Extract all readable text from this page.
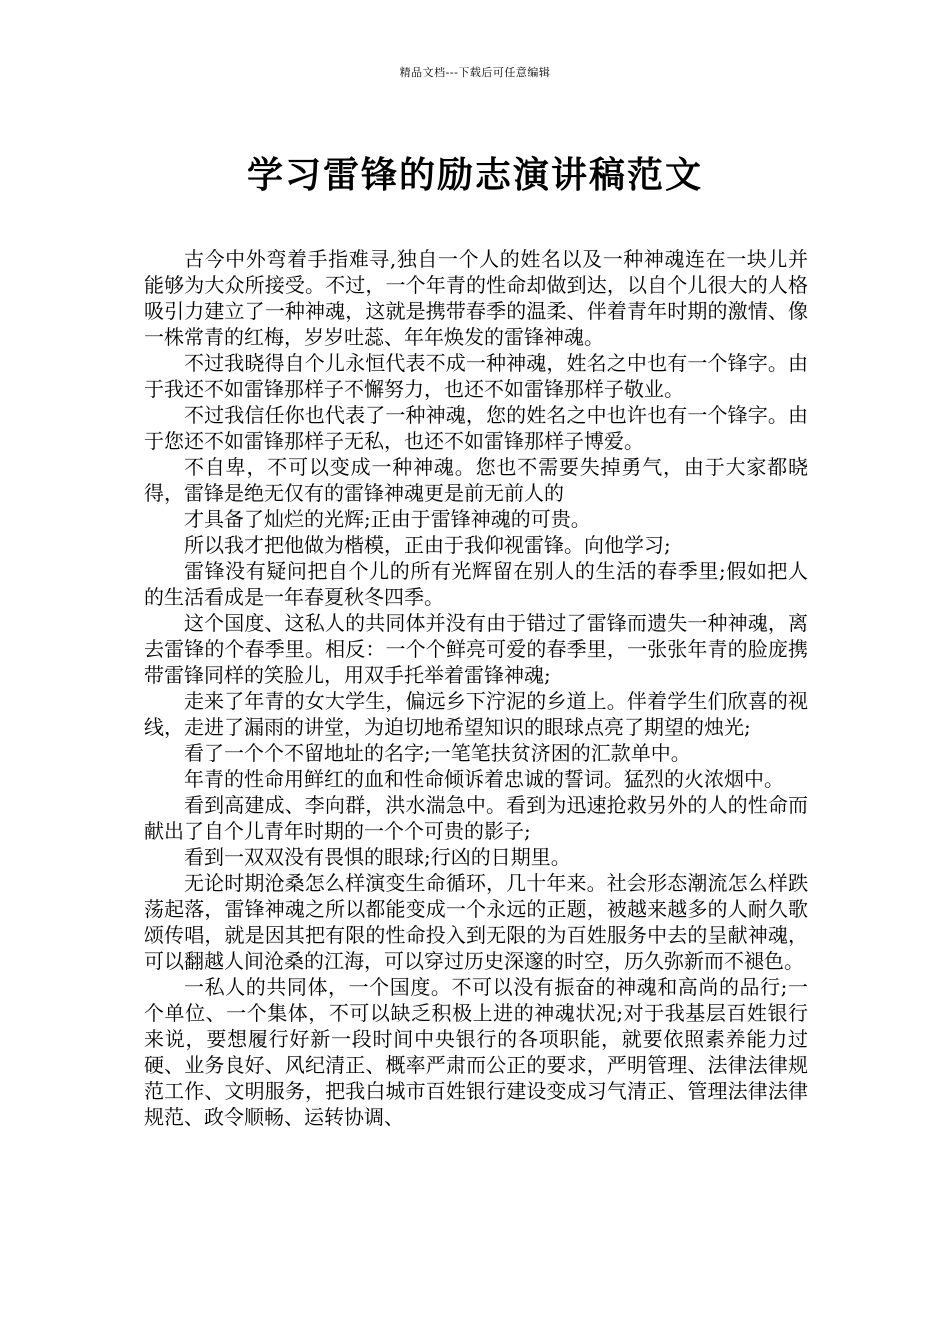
精品文档---下载后可任意编辑
学习雷锋的励志演讲稿范文

古今中外弯着手指难寻,独自一个人的姓名以及一种神魂连在一块儿并能够为大众所接受。不过，一个年青的性命却做到达，以自个儿很大的人格吸引力建立了一种神魂，这就是携带春季的温柔、伴着青年时期的激情、像一株常青的红梅，岁岁吐蕊、年年焕发的雷锋神魂。

不过我晓得自个儿永恒代表不成一种神魂，姓名之中也有一个锋字。由于我还不如雷锋那样子不懈努力，也还不如雷锋那样子敬业。

不过我信任你也代表了一种神魂，您的姓名之中也许也有一个锋字。由于您还不如雷锋那样子无私，也还不如雷锋那样子博爱。

不自卑，不可以变成一种神魂。您也不需要失掉勇气，由于大家都晓得，雷锋是绝无仅有的雷锋神魂更是前无前人的

才具备了灿烂的光辉;正由于雷锋神魂的可贵。

所以我才把他做为楷模，正由于我仰视雷锋。向他学习;

雷锋没有疑问把自个儿的所有光辉留在别人的生活的春季里;假如把人的生活看成是一年春夏秋冬四季。

这个国度、这私人的共同体并没有由于错过了雷锋而遗失一种神魂，离去雷锋的个春季里。相反：一个个鲜亮可爱的春季里，一张张年青的脸庞携带雷锋同样的笑脸儿，用双手托举着雷锋神魂;

走来了年青的女大学生，偏远乡下泞泥的乡道上。伴着学生们欣喜的视线，走进了漏雨的讲堂，为迫切地希望知识的眼球点亮了期望的烛光;

看了一个个不留地址的名字;一笔笔扶贫济困的汇款单中。

年青的性命用鲜红的血和性命倾诉着忠诚的誓词。猛烈的火浓烟中。

看到高建成、李向群，洪水湍急中。看到为迅速抢救另外的人的性命而献出了自个儿青年时期的一个个可贵的影子;

看到一双双没有畏惧的眼球;行凶的日期里。

无论时期沧桑怎么样演变生命循环，几十年来。社会形态潮流怎么样跌荡起落，雷锋神魂之所以都能变成一个永远的正题，被越来越多的人耐久歌颂传唱，就是因其把有限的性命投入到无限的为百姓服务中去的呈献神魂，可以翻越人间沧桑的江海，可以穿过历史深邃的时空，历久弥新而不褪色。

一私人的共同体，一个国度。不可以没有振奋的神魂和高尚的品行;一个单位、一个集体，不可以缺乏积极上进的神魂状况;对于我基层百姓银行来说，要想履行好新一段时间中央银行的各项职能，就要依照素养能力过硬、业务良好、风纪清正、概率严肃而公正的要求，严明管理、法律法律规范工作、文明服务，把我白城市百姓银行建设变成习气清正、管理法律法律规范、政令顺畅、运转协调、
